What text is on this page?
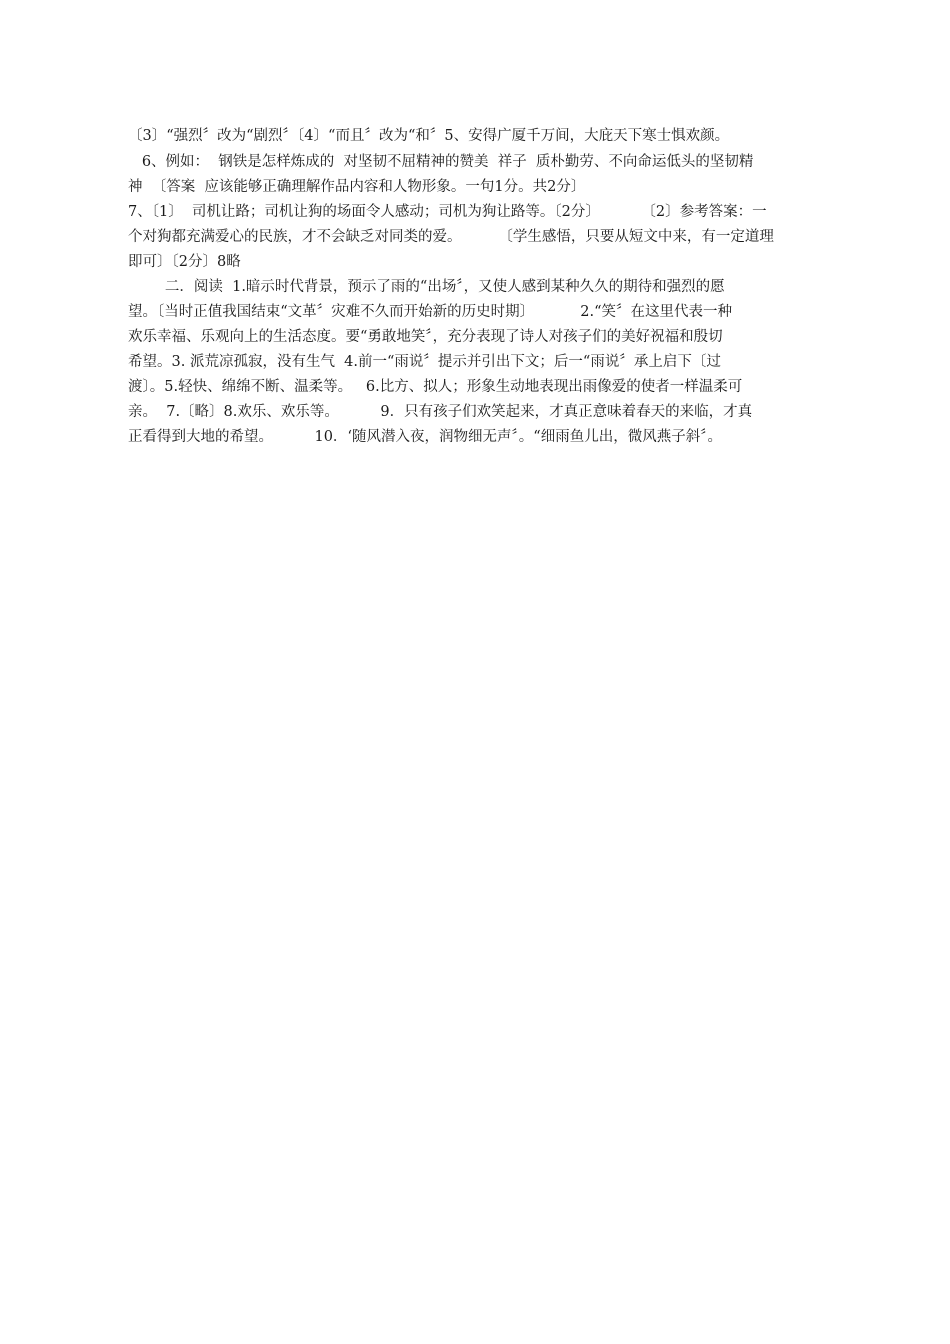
〔3〕“强烈〞改为“剧烈〞〔4〕“而且〞改为“和〞5、安得广厦千万间，大庇天下寒士惧欢颜。
6、例如：  钢铁是怎样炼成的  对坚韧不屈精神的赞美  祥子  质朴勤劳、不向命运低头的坚韧精
神  〔答案  应该能够正确理解作品内容和人物形象。一句1分。共2分〕
7、〔1〕  司机让路；司机让狗的场面令人感动；司机为狗让路等。〔2分〕         〔2〕参考答案：一
个对狗都充满爱心的民族，才不会缺乏对同类的爱。        〔学生感悟，只要从短文中来，有一定道理
即可〕〔2分〕8略
二．阅读  1.暗示时代背景，预示了雨的“出场〞，又使人感到某种久久的期待和强烈的愿
望。〔当时正值我国结束“文革〞灾难不久而开始新的历史时期〕          2.“笑〞在这里代表一种
欢乐幸福、乐观向上的生活态度。要“勇敢地笑〞，充分表现了诗人对孩子们的美好祝福和殷切
希望。3. 派荒凉孤寂，没有生气  4.前一“雨说〞提示并引出下文；后一“雨说〞承上启下〔过
渡〕。5.轻快、绵绵不断、温柔等。   6.比方、拟人；形象生动地表现出雨像爱的使者一样温柔可
亲。  7.〔略〕8.欢乐、欢乐等。         9．只有孩子们欢笑起来，才真正意味着春天的来临，才真
正看得到大地的希望。         10．‘随风潜入夜，润物细无声〞。“细雨鱼儿出，微风燕子斜〞。
